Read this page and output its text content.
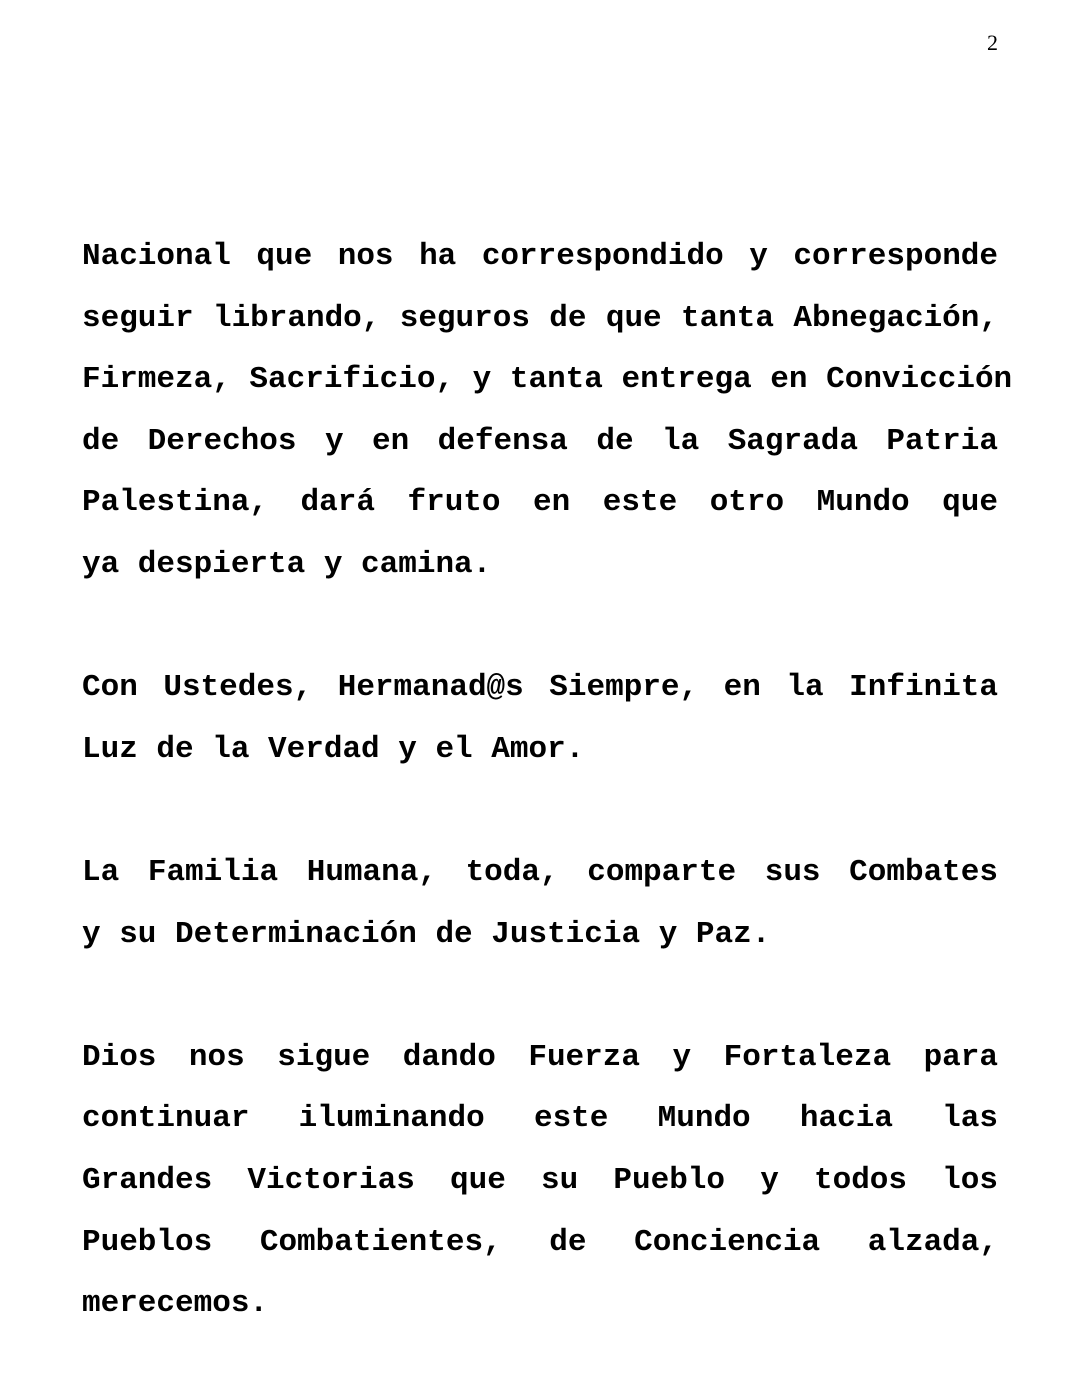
2

Nacional que nos ha correspondido y corresponde
seguir librando, seguros de que tanta Abnegación,
Firmeza, Sacrificio, y tanta entrega en Convicción
de Derechos y en defensa de la Sagrada Patria
Palestina, dará fruto en este otro Mundo que
ya despierta y camina.

Con Ustedes, Hermanad@s Siempre, en la Infinita
Luz de la Verdad y el Amor.

La Familia Humana, toda, comparte sus Combates
y su Determinación de Justicia y Paz.

Dios nos sigue dando Fuerza y Fortaleza para
continuar iluminando este Mundo hacia las
Grandes Victorias que su Pueblo y todos los
Pueblos Combatientes, de Conciencia alzada,
merecemos.
